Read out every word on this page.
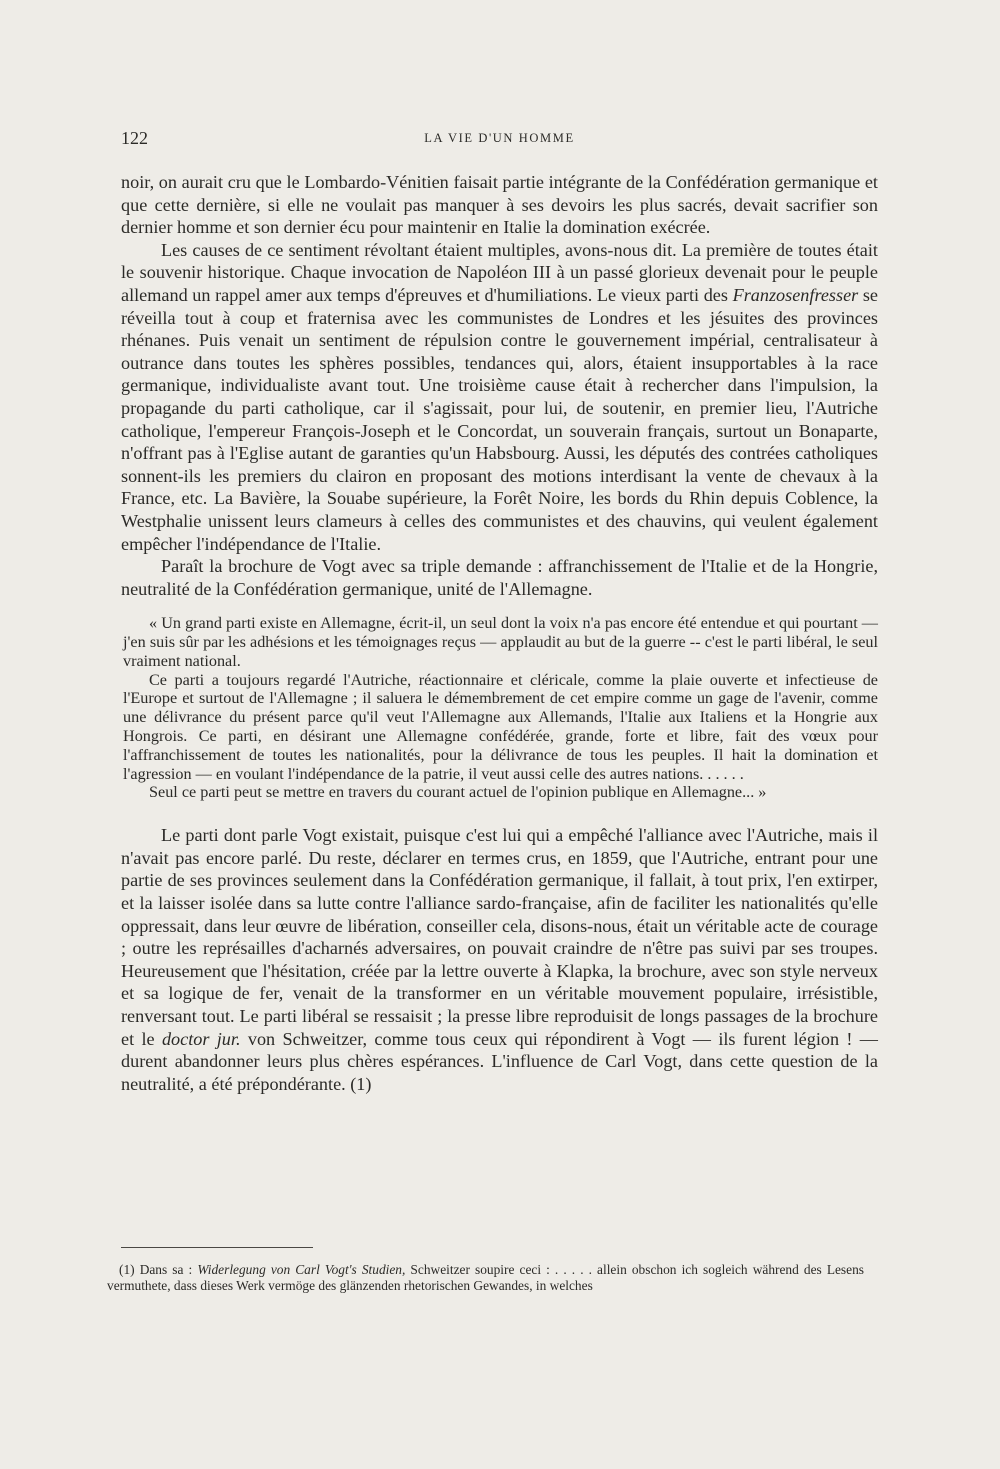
122	LA VIE D'UN HOMME

noir, on aurait cru que le Lombardo-Vénitien faisait partie intégrante de la Confédération germanique et que cette dernière, si elle ne voulait pas manquer à ses devoirs les plus sacrés, devait sacrifier son dernier homme et son dernier écu pour maintenir en Italie la domination exécrée.

Les causes de ce sentiment révoltant étaient multiples, avons-nous dit. La première de toutes était le souvenir historique. Chaque invocation de Napoléon III à un passé glorieux devenait pour le peuple allemand un rappel amer aux temps d'épreuves et d'humiliations. Le vieux parti des Franzosenfresser se réveilla tout à coup et fraternisa avec les communistes de Londres et les jésuites des provinces rhénanes. Puis venait un sentiment de répulsion contre le gouvernement impérial, centralisateur à outrance dans toutes les sphères possibles, tendances qui, alors, étaient insupportables à la race germanique, individualiste avant tout. Une troisième cause était à rechercher dans l'impulsion, la propagande du parti catholique, car il s'agissait, pour lui, de soutenir, en premier lieu, l'Autriche catholique, l'empereur François-Joseph et le Concordat, un souverain français, surtout un Bonaparte, n'offrant pas à l'Eglise autant de garanties qu'un Habsbourg. Aussi, les députés des contrées catholiques sonnent-ils les premiers du clairon en proposant des motions interdisant la vente de chevaux à la France, etc. La Bavière, la Souabe supérieure, la Forêt Noire, les bords du Rhin depuis Coblence, la Westphalie unissent leurs clameurs à celles des communistes et des chauvins, qui veulent également empêcher l'indépendance de l'Italie.

Paraît la brochure de Vogt avec sa triple demande : affranchissement de l'Italie et de la Hongrie, neutralité de la Confédération germanique, unité de l'Allemagne.

« Un grand parti existe en Allemagne, écrit-il, un seul dont la voix n'a pas encore été entendue et qui pourtant — j'en suis sûr par les adhésions et les témoignages reçus — applaudit au but de la guerre -- c'est le parti libéral, le seul vraiment national.

Ce parti a toujours regardé l'Autriche, réactionnaire et cléricale, comme la plaie ouverte et infectieuse de l'Europe et surtout de l'Allemagne ; il saluera le démembrement de cet empire comme un gage de l'avenir, comme une délivrance du présent parce qu'il veut l'Allemagne aux Allemands, l'Italie aux Italiens et la Hongrie aux Hongrois. Ce parti, en désirant une Allemagne confédérée, grande, forte et libre, fait des vœux pour l'affranchissement de toutes les nationalités, pour la délivrance de tous les peuples. Il hait la domination et l'agression — en voulant l'indépendance de la patrie, il veut aussi celle des autres nations. . . . . .

Seul ce parti peut se mettre en travers du courant actuel de l'opinion publique en Allemagne... »

Le parti dont parle Vogt existait, puisque c'est lui qui a empêché l'alliance avec l'Autriche, mais il n'avait pas encore parlé. Du reste, déclarer en termes crus, en 1859, que l'Autriche, entrant pour une partie de ses provinces seulement dans la Confédération germanique, il fallait, à tout prix, l'en extirper, et la laisser isolée dans sa lutte contre l'alliance sardo-française, afin de faciliter les nationalités qu'elle oppressait, dans leur œuvre de libération, conseiller cela, disons-nous, était un véritable acte de courage ; outre les représailles d'acharnés adversaires, on pouvait craindre de n'être pas suivi par ses troupes. Heureusement que l'hésitation, créée par la lettre ouverte à Klapka, la brochure, avec son style nerveux et sa logique de fer, venait de la transformer en un véritable mouvement populaire, irrésistible, renversant tout. Le parti libéral se ressaisit ; la presse libre reproduisit de longs passages de la brochure et le doctor jur. von Schweitzer, comme tous ceux qui répondirent à Vogt — ils furent légion ! — durent abandonner leurs plus chères espérances. L'influence de Carl Vogt, dans cette question de la neutralité, a été prépondérante. (1)

(1) Dans sa : Widerlegung von Carl Vogt's Studien, Schweitzer soupire ceci : . . . . . allein obschon ich sogleich während des Lesens vermuthete, dass dieses Werk vermöge des glänzenden rhetorischen Gewandes, in welches
